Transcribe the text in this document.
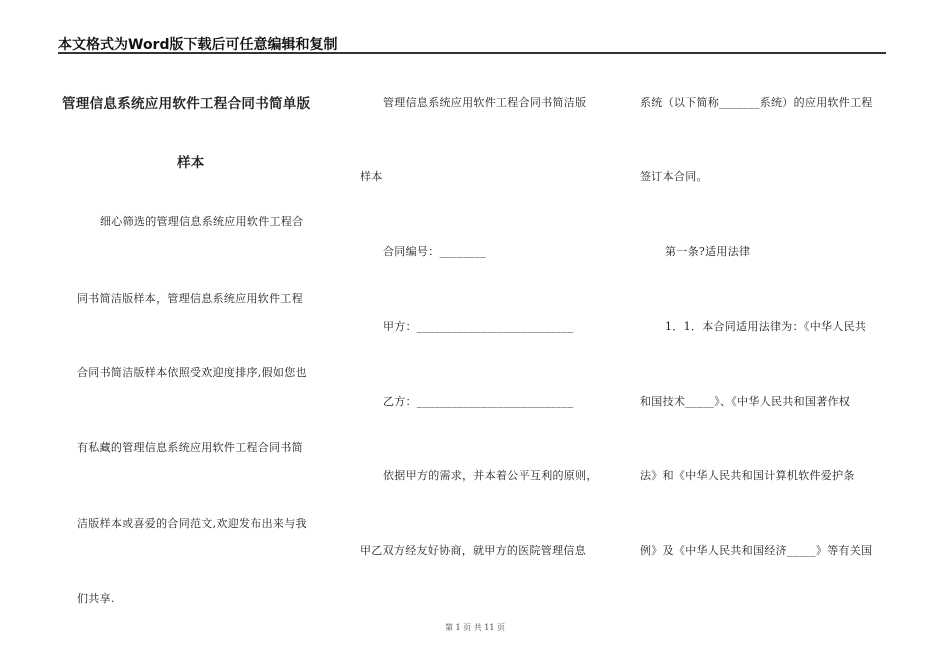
本文格式为Word版下载后可任意编辑和复制
管理信息系统应用软件工程合同书简单版
样本
细心筛选的管理信息系统应用软件工程合
同书简洁版样本，管理信息系统应用软件工程
合同书简洁版样本依照受欢迎度排序,假如您也
有私藏的管理信息系统应用软件工程合同书简
洁版样本或喜爱的合同范文,欢迎发布出来与我
们共享.
管理信息系统应用软件工程合同书简洁版
样本
合同编号：________
甲方：___________________________
乙方：___________________________
依据甲方的需求，并本着公平互利的原则，
甲乙双方经友好协商，就甲方的医院管理信息
系统（以下简称_______系统）的应用软件工程
签订本合同。
第一条?适用法律
1．1．本合同适用法律为：《中华人民共
和国技术_____》、《中华人民共和国著作权
法》和《中华人民共和国计算机软件爱护条
例》及《中华人民共和国经济_____》等有关国
第 1 页 共 11 页
